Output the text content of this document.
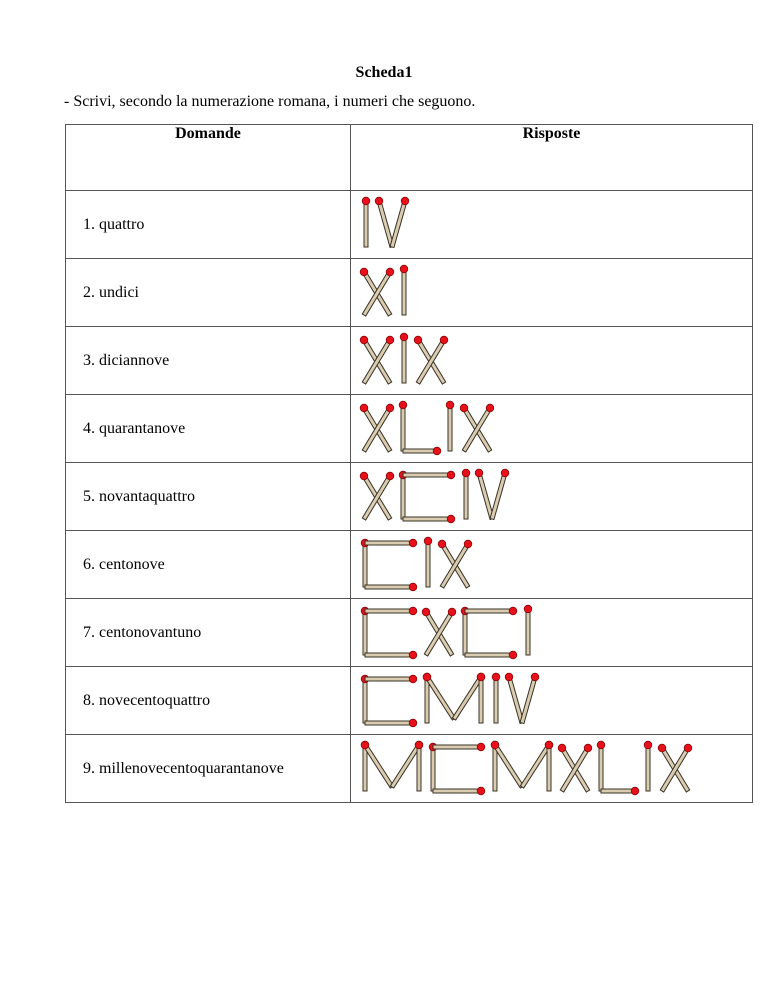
Scheda1
- Scrivi, secondo la numerazione romana, i numeri che seguono.
Domande	Risposte
1. quattro	

2. undici	

3. diciannove	

4. quarantanove	

5. novantaquattro	

6. centonove	

7. centonovantuno	

8. novecentoquattro	

9. millenovecentoquarantanove	
